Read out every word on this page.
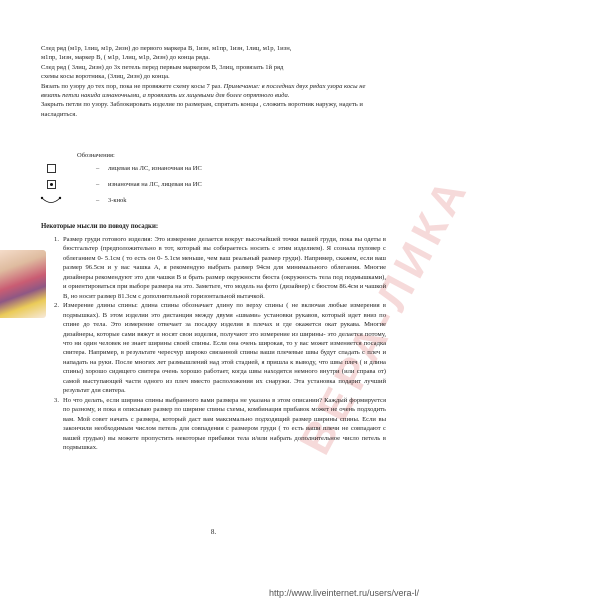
ВЕРА-ЛИКА

След ряд (м1р, 1лиц, м1р, 2изн) до первого маркера В, 1изн, м1пр, 1изн, 1лиц, м1р, 1изн,

м1пр, 1изн, маркер В, ( м1р, 1лиц, м1р, 2изн) до конца ряда.

След ряд ( 3лиц, 2изн) до 3х петель перед первым маркером В, 3лиц, провязать 1й ряд

схемы косы воротника, (3лиц, 2изн) до конца.

Вязать по узору до тех пор, пока не провяжете схему косы 7 раз. Примечание: в последних двух рядах узора косы не вязать петли накида изнаночными, а провязать их лицевыми для более опрятного вида.

Закрыть петли по узору. Заблокировать изделие по размерам, спрятать концы , сложить воротник наружу, надеть и насладиться.

Обозначения:
–	лицевая на ЛС, изнаночная на ИС
–	изнаночная на ЛС, лицевая на ИС
–	3-кноk
Некоторые мысли по поводу посадки:
1. Размер груди готового изделия: Это измерение делается вокруг высочайшей точки вашей груди, пока вы одеты в бюстгальтер (предположительно в тот, который вы собираетесь носить с этим изделием). Я сознала пуловер с облеганием 0- 5.1см ( то есть он 0- 5.1см меньше, чем ваш реальный размер груди). Например, скажем, если ваш размер 96.5см и у вас чашка А, я рекомендую выбрать размер 94см для минимального облегания. Многие дизайнеры рекомендуют это для чашки В и брать размер окружности бюста (окружность тела под подмышками), и ориентироваться при выборе размера на это. Заметьте, что модель на фото (дизайнер) с бюстом 86.4см и чашкой В, но носит размер 81.3см с дополнительной горизонтальной вытачкой.
2. Измерение длины спины: длина спины обозначает длину по верху спины ( не включая любые измерения в подмышках). В этом изделии это дистанция между двумя «швами» установки рукавов, который идет вниз по спине до тела. Это измерение отвечает за посадку изделия в плечах и где окажется окат рукава. Многие дизайнеры, которые сами вяжут и носят свои изделия, получают это измерение из ширины- это делается потому, что ни один человек не знает ширины своей спины. Если она очень широкая, то у вас может изменяется посадка свитера. Например, в результате чересчур широко связанной спины ваши плечевые швы будут спадать с плеч и нападать на руки. После многих лет размышлений над этой стадией, я пришла к выводу, что швы плеч ( и длина спины) хорошо сидящего свитера очень хорошо работает, когда швы находятся немного внутри (или справа от) самой выступающей части одного из плеч вместо расположения их снаружи. Эта установка подарит лучший результат для свитера.
3. Но что делать, если ширина спины выбранного вами размера не указана в этом описании? Каждый формируется по разному, и пока я описываю размер по ширине спины схемы, комбинация прибавок может не очень подходить вам. Мой совет начать с размера, который даст вам максимально подходящий размер ширины спины. Если вы закончили необходимым числом петель для совпадения с размером груди ( то есть ваши плечи не совпадают с вашей грудью) вы можете пропустить некоторые прибавки тела и/или набрать дополнительное число петель в подмышках.
8.
http://www.liveinternet.ru/users/vera-l/
